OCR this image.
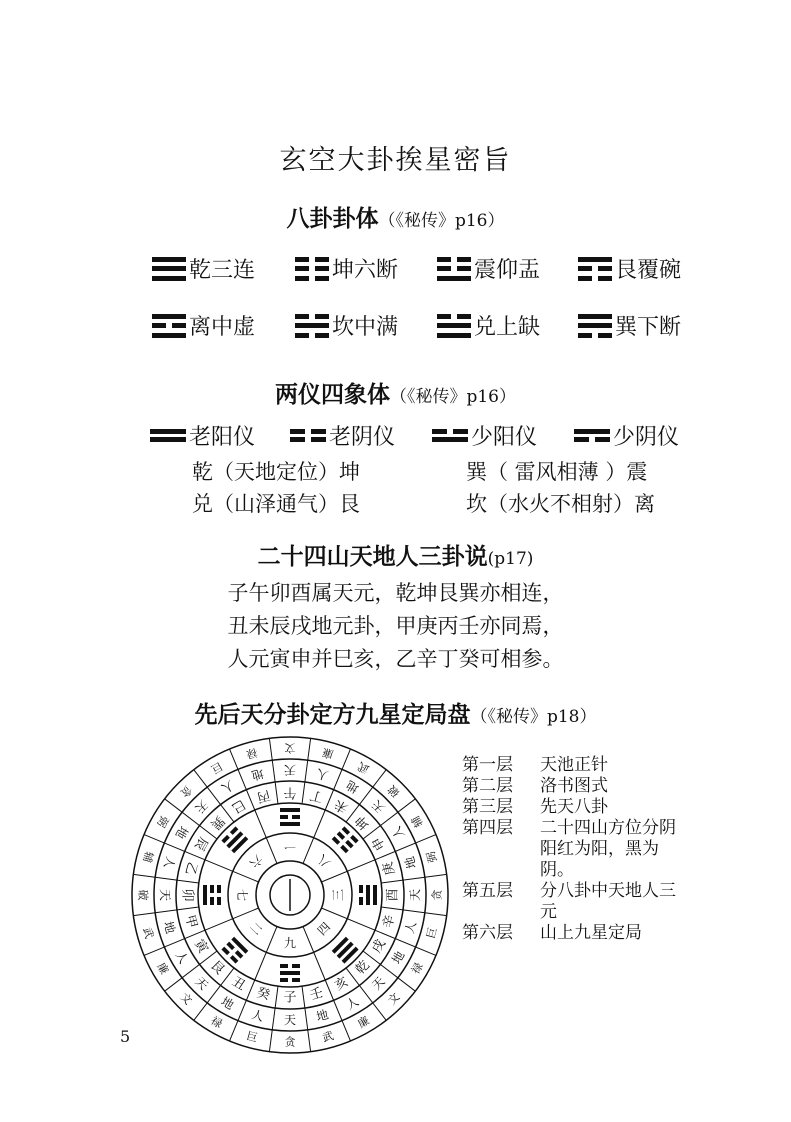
玄空大卦挨星密旨
八卦卦体（《秘传》p16）
乾三连	坤六断	震仰盂	艮覆碗
离中虚	坎中满	兑上缺	巽下断
两仪四象体（《秘传》p16）
老阳仪	老阴仪	少阳仪	少阴仪
乾（天地定位）坤	巽（ 雷风相薄 ）震
兑（山泽通气）艮	坎（水火不相射）离
二十四山天地人三卦说(p17)
子午卯酉属天元，乾坤艮巽亦相连，
丑未辰戌地元卦，甲庚丙壬亦同焉，
人元寅申并巳亥，乙辛丁癸可相参。
先后天分卦定方九星定局盘（《秘传》p18）
子
癸
丑
艮
寅
甲
卯
乙
辰
巽
巳
丙 午 丁
未
坤
申
庚
酉
辛
戌
乾
亥
壬
天
人
地
天
人
地
天
人
地
天
人
地 天 人
地
天
人
地
天
人
地
天
人
地
贪
巨
禄
文
廉
武
破
辅
弼
贪
巨
禄 文 廉
武
破
辅
弼
贪
巨
禄
文
廉
武
九
二
七
六
一
八
三
四
第一层	天池正针
第二层	洛书图式
第三层	先天八卦
第四层	二十四山方位分阴阳红为阳，黑为阴。
第五层	分八卦中天地人三元
第六层	山上九星定局
5
